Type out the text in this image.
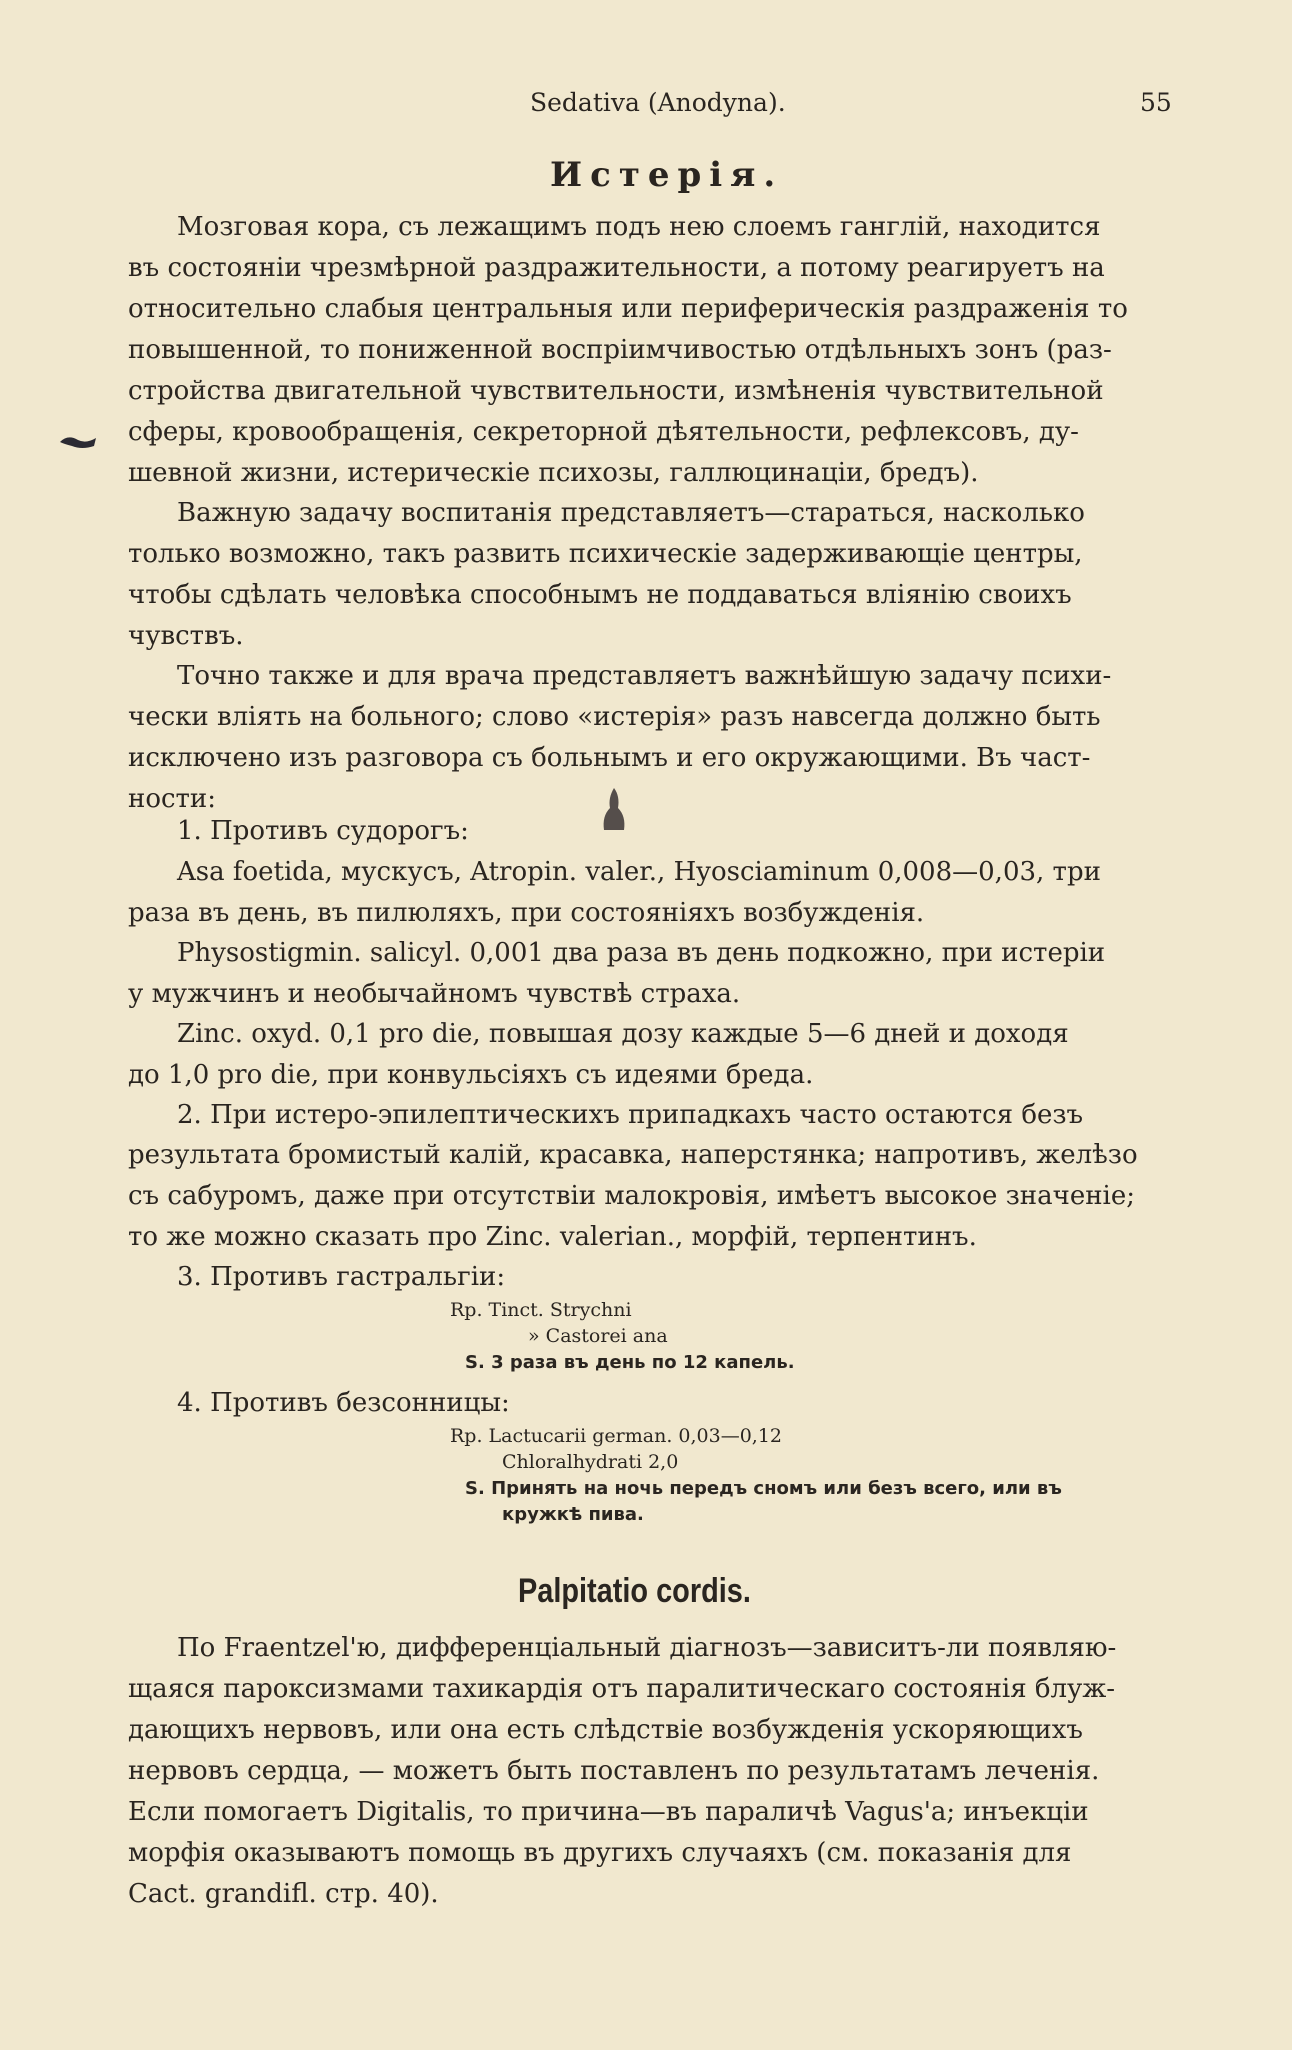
Sedativa (Anodyna).	55
Истерія.
Мозговая кора, съ лежащимъ подъ нею слоемъ ганглій, находится
въ состояніи чрезмѣрной раздражительности, а потому реагируетъ на
относительно слабыя центральныя или периферическія раздраженія то
повышенной, то пониженной воспріимчивостью отдѣльныхъ зонъ (раз-
стройства двигательной чувствительности, измѣненія чувствительной
сферы, кровообращенія, секреторной дѣятельности, рефлексовъ, ду-
шевной жизни, истерическіе психозы, галлюцинаціи, бредъ).
Важную задачу воспитанія представляетъ—стараться, насколько
только возможно, такъ развить психическіе задерживающіе центры,
чтобы сдѣлать человѣка способнымъ не поддаваться вліянію своихъ
чувствъ.
Точно также и для врача представляетъ важнѣйшую задачу психи-
чески вліять на больного; слово «истерія» разъ навсегда должно быть
исключено изъ разговора съ больнымъ и его окружающими. Въ част-
ности:
1. Противъ судорогъ:
Asa foetida, мускусъ, Atropin. valer., Hyosciaminum 0,008—0,03, три
раза въ день, въ пилюляхъ, при состояніяхъ возбужденія.
Physostigmin. salicyl. 0,001 два раза въ день подкожно, при истеріи
у мужчинъ и необычайномъ чувствѣ страха.
Zinc. oxyd. 0,1 pro die, повышая дозу каждые 5—6 дней и доходя
до 1,0 pro die, при конвульсіяхъ съ идеями бреда.
2. При истеро-эпилептическихъ припадкахъ часто остаются безъ
результата бромистый калій, красавка, наперстянка; напротивъ, желѣзо
съ сабуромъ, даже при отсутствіи малокровія, имѣетъ высокое значеніе;
то же можно сказать про Zinc. valerian., морфій, терпентинъ.
3. Противъ гастральгіи:
Rp. Tinct. Strychni
» Castorei ana
S. 3 раза въ день по 12 капель.
4. Противъ безсонницы:
Rp. Lactucarii german. 0,03—0,12
Chloralhydrati 2,0
S. Принять на ночь передъ сномъ или безъ всего, или въ
кружкѣ пива.
Palpitatio cordis.
По Fraentzel'ю, дифференціальный діагнозъ—зависитъ-ли появляю-
щаяся пароксизмами тахикардія отъ паралитическаго состоянія блуж-
дающихъ нервовъ, или она есть слѣдствіе возбужденія ускоряющихъ
нервовъ сердца, — можетъ быть поставленъ по результатамъ леченія.
Если помогаетъ Digitalis, то причина—въ параличѣ Vagus'a; инъекціи
морфія оказываютъ помощь въ другихъ случаяхъ (см. показанія для
Cact. grandifl. стр. 40).
